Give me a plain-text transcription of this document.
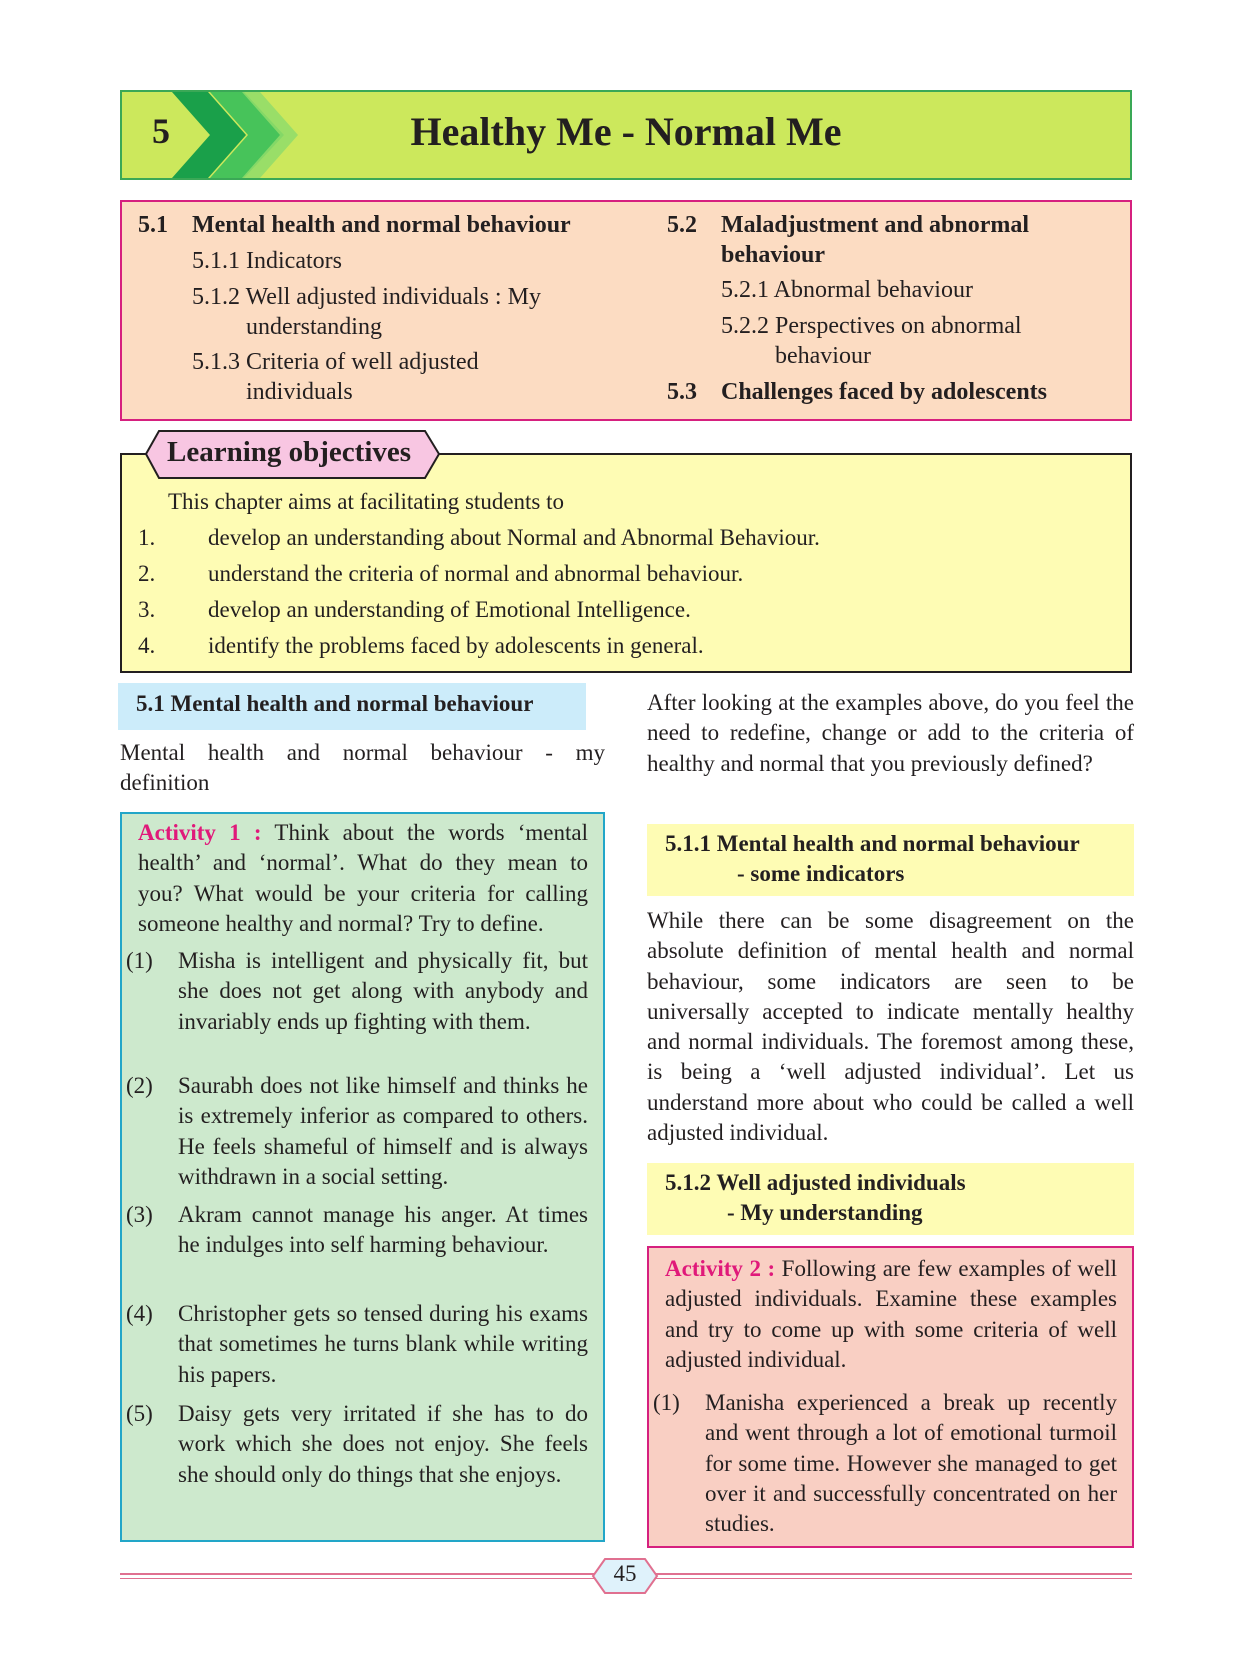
5	Healthy Me - Normal Me
5.1 Mental health and normal behaviour
5.1.1 Indicators
5.1.2 Well adjusted individuals : My
understanding
5.1.3 Criteria of well adjusted
individuals
5.2 Maladjustment and abnormal
behaviour
5.2.1 Abnormal behaviour
5.2.2 Perspectives on abnormal
behaviour
5.3 Challenges faced by adolescents
This chapter aims at facilitating students to
1. develop an understanding about Normal and Abnormal Behaviour.
2. understand the criteria of normal and abnormal behaviour.
3. develop an understanding of Emotional Intelligence.
4. identify the problems faced by adolescents in general.
Learning objectives
5.1 Mental health and normal behaviour
Mental health and normal behaviour - my
definition
Activity 1 : Think about the words ‘mental health’ and ‘normal’. What do they mean to you? What would be your criteria for calling someone healthy and normal? Try to define.
(1) Misha is intelligent and physically fit, but she does not get along with anybody and invariably ends up fighting with them.
(2) Saurabh does not like himself and thinks he is extremely inferior as compared to others. He feels shameful of himself and is always withdrawn in a social setting.
(3) Akram cannot manage his anger. At times he indulges into self harming behaviour.
(4) Christopher gets so tensed during his exams that sometimes he turns blank while writing his papers.
(5) Daisy gets very irritated if she has to do work which she does not enjoy. She feels she should only do things that she enjoys.
After looking at the examples above, do you feel the need to redefine, change or add to the criteria of healthy and normal that you previously defined?
5.1.1 Mental health and normal behaviour
- some indicators
While there can be some disagreement on the absolute definition of mental health and normal behaviour, some indicators are seen to be universally accepted to indicate mentally healthy and normal individuals. The foremost among these, is being a ‘well adjusted individual’. Let us understand more about who could be called a well adjusted individual.
5.1.2 Well adjusted individuals
- My understanding
Activity 2 : Following are few examples of well adjusted individuals. Examine these examples and try to come up with some criteria of well adjusted individual.
(1) Manisha experienced a break up recently and went through a lot of emotional turmoil for some time. However she managed to get over it and successfully concentrated on her studies.
45
